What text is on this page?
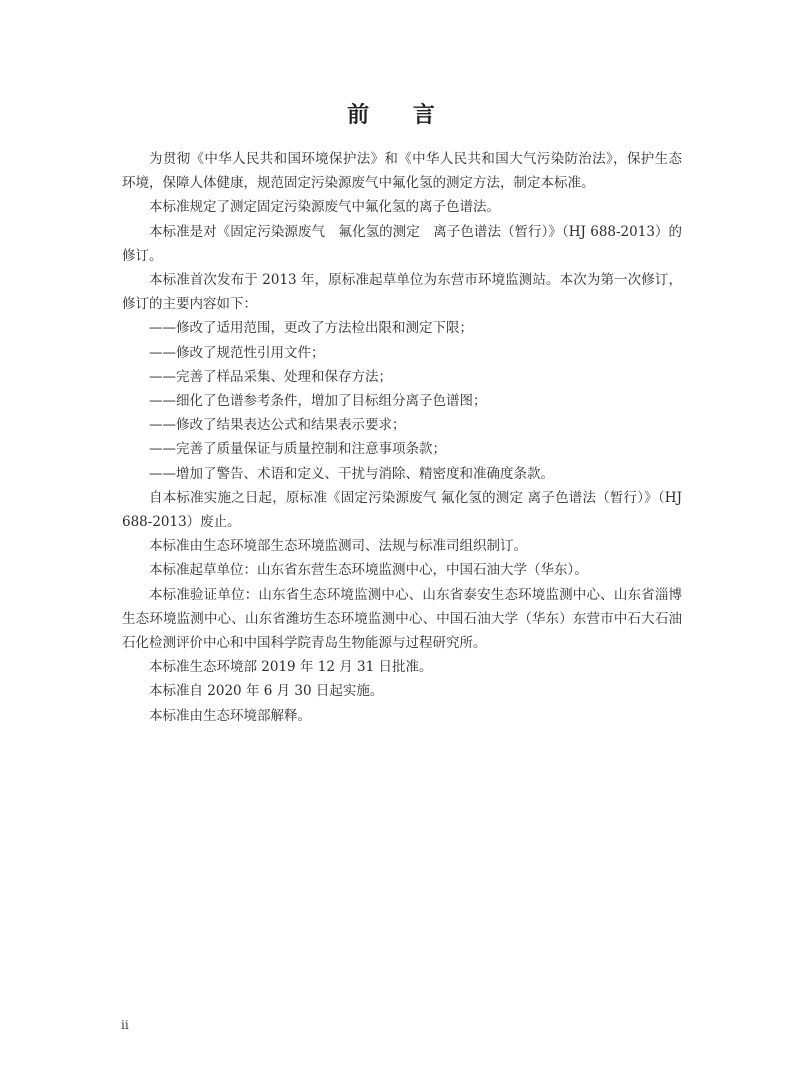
前 言

为贯彻《中华人民共和国环境保护法》和《中华人民共和国大气污染防治法》，保护生态环境，保障人体健康，规范固定污染源废气中氟化氢的测定方法，制定本标准。

本标准规定了测定固定污染源废气中氟化氢的离子色谱法。

本标准是对《固定污染源废气　氟化氢的测定　离子色谱法（暂行）》（HJ 688-2013）的修订。

本标准首次发布于 2013 年，原标准起草单位为东营市环境监测站。本次为第一次修订，修订的主要内容如下：

——修改了适用范围，更改了方法检出限和测定下限；

——修改了规范性引用文件；

——完善了样品采集、处理和保存方法；

——细化了色谱参考条件，增加了目标组分离子色谱图；

——修改了结果表达公式和结果表示要求；

——完善了质量保证与质量控制和注意事项条款；

——增加了警告、术语和定义、干扰与消除、精密度和准确度条款。

自本标准实施之日起，原标准《固定污染源废气 氟化氢的测定 离子色谱法（暂行）》（HJ 688-2013）废止。

本标准由生态环境部生态环境监测司、法规与标准司组织制订。

本标准起草单位：山东省东营生态环境监测中心，中国石油大学（华东）。

本标准验证单位：山东省生态环境监测中心、山东省泰安生态环境监测中心、山东省淄博生态环境监测中心、山东省潍坊生态环境监测中心、中国石油大学（华东）东营市中石大石油石化检测评价中心和中国科学院青岛生物能源与过程研究所。

本标准生态环境部 2019 年 12 月 31 日批准。

本标准自 2020 年 6 月 30 日起实施。

本标准由生态环境部解释。

ii
